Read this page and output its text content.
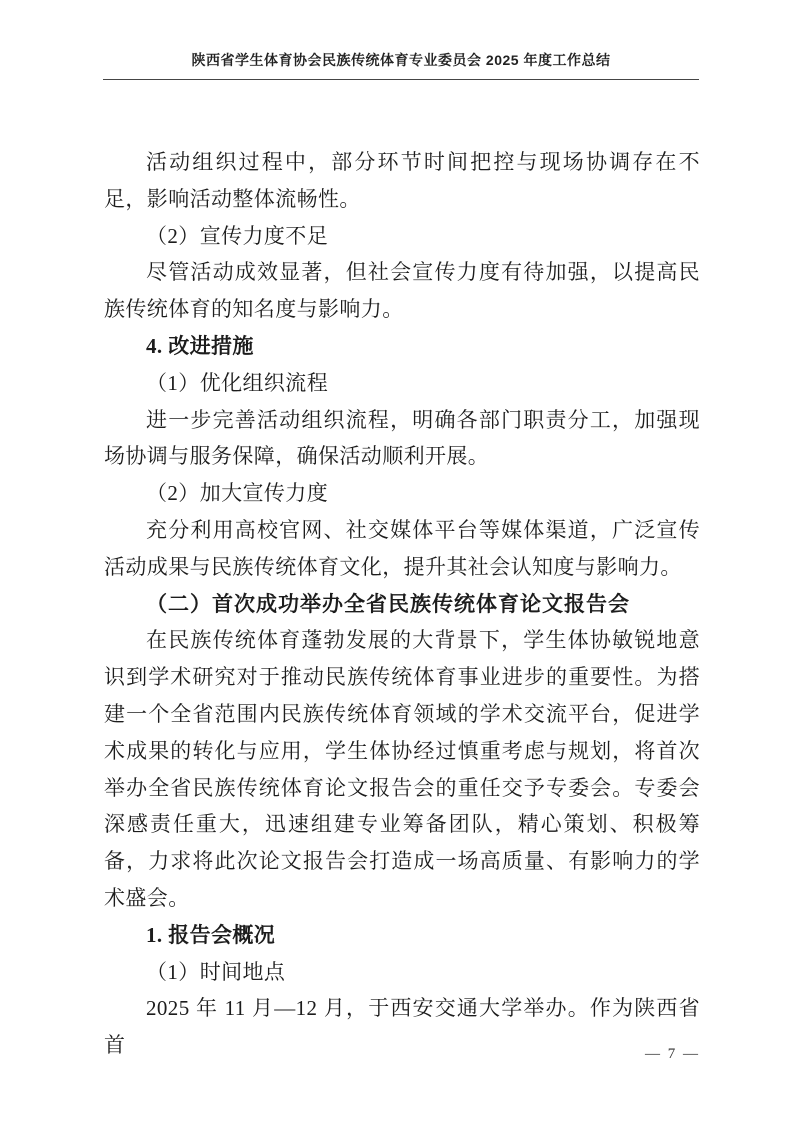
陕西省学生体育协会民族传统体育专业委员会 2025 年度工作总结

活动组织过程中，部分环节时间把控与现场协调存在不足，影响活动整体流畅性。

（2）宣传力度不足

尽管活动成效显著，但社会宣传力度有待加强，以提高民族传统体育的知名度与影响力。

4. 改进措施

（1）优化组织流程

进一步完善活动组织流程，明确各部门职责分工，加强现场协调与服务保障，确保活动顺利开展。

（2）加大宣传力度

充分利用高校官网、社交媒体平台等媒体渠道，广泛宣传活动成果与民族传统体育文化，提升其社会认知度与影响力。

（二）首次成功举办全省民族传统体育论文报告会

在民族传统体育蓬勃发展的大背景下，学生体协敏锐地意识到学术研究对于推动民族传统体育事业进步的重要性。为搭建一个全省范围内民族传统体育领域的学术交流平台，促进学术成果的转化与应用，学生体协经过慎重考虑与规划，将首次举办全省民族传统体育论文报告会的重任交予专委会。专委会深感责任重大，迅速组建专业筹备团队，精心策划、积极筹备，力求将此次论文报告会打造成一场高质量、有影响力的学术盛会。

1. 报告会概况

（1）时间地点

2025 年 11 月—12 月，于西安交通大学举办。作为陕西省首	— 7 —
